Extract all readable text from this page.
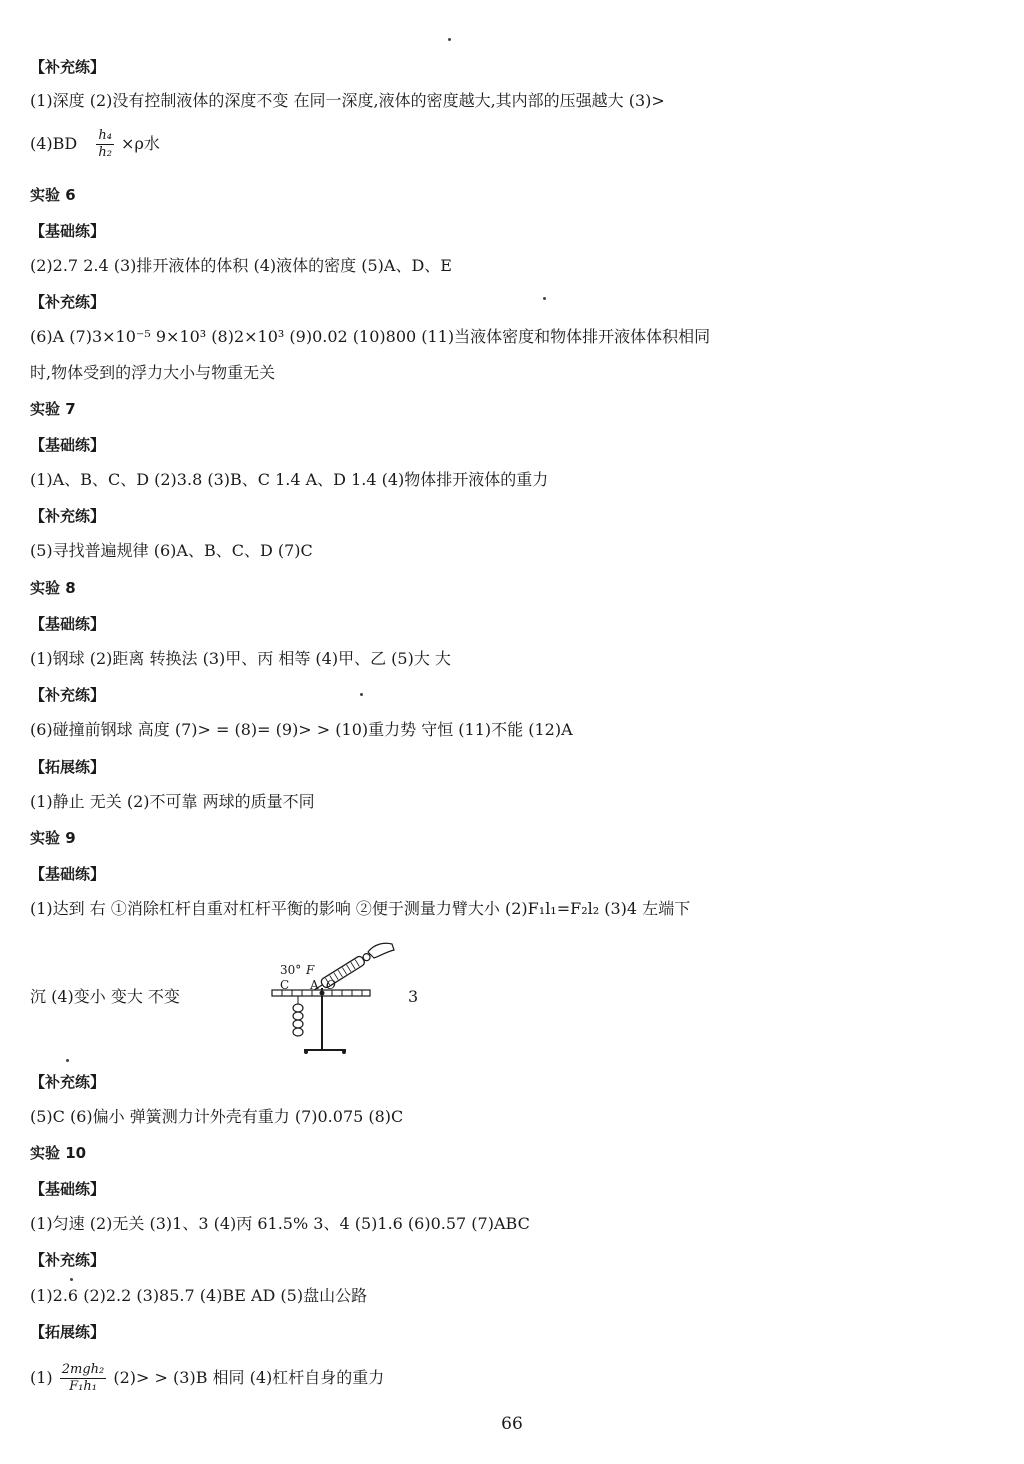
【补充练】
(1)深度 (2)没有控制液体的深度不变 在同一深度,液体的密度越大,其内部的压强越大 (3)>
$(4)BD \frac{\text{h₄}}{\text{h₂}} \times\rho$水
实验 6
【基础练】
(2)2.7 2.4 (3)排开液体的体积 (4)液体的密度 (5)A、D、E
【补充练】
(6)A (7)3×10⁻⁵ 9×10³ (8)2×10³ (9)0.02 (10)800 (11)当液体密度和物体排开液体体积相同
时,物体受到的浮力大小与物重无关
实验 7
【基础练】
(1)A、B、C、D (2)3.8 (3)B、C 1.4 A、D 1.4 (4)物体排开液体的重力
【补充练】
(5)寻找普遍规律 (6)A、B、C、D (7)C
实验 8
【基础练】
(1)钢球 (2)距离 转换法 (3)甲、丙 相等 (4)甲、乙 (5)大 大
【补充练】
(6)碰撞前钢球 高度 (7)> = (8)= (9)> > (10)重力势 守恒 (11)不能 (12)A
【拓展练】
(1)静止 无关 (2)不可靠 两球的质量不同
实验 9
【基础练】
(1)达到 右 ①消除杠杆自重对杠杆平衡的影响 ②便于测量力臂大小 (2)F₁l₁=F₂l₂ (3)4 左端下
沉 (4)变小 变大 不变	3
30° F
C A O
【补充练】
(5)C (6)偏小 弹簧测力计外壳有重力 (7)0.075 (8)C
实验 10
【基础练】
(1)匀速 (2)无关 (3)1、3 (4)丙 61.5% 3、4 (5)1.6 (6)0.57 (7)ABC
【补充练】
(1)2.6 (2)2.2 (3)85.7 (4)BE AD (5)盘山公路
【拓展练】
$(1) \frac{\text{2mgh₂}}{\text{F₁h₁}} (2)> > (3)B$ 相同 (4)杠杆自身的重力
66
